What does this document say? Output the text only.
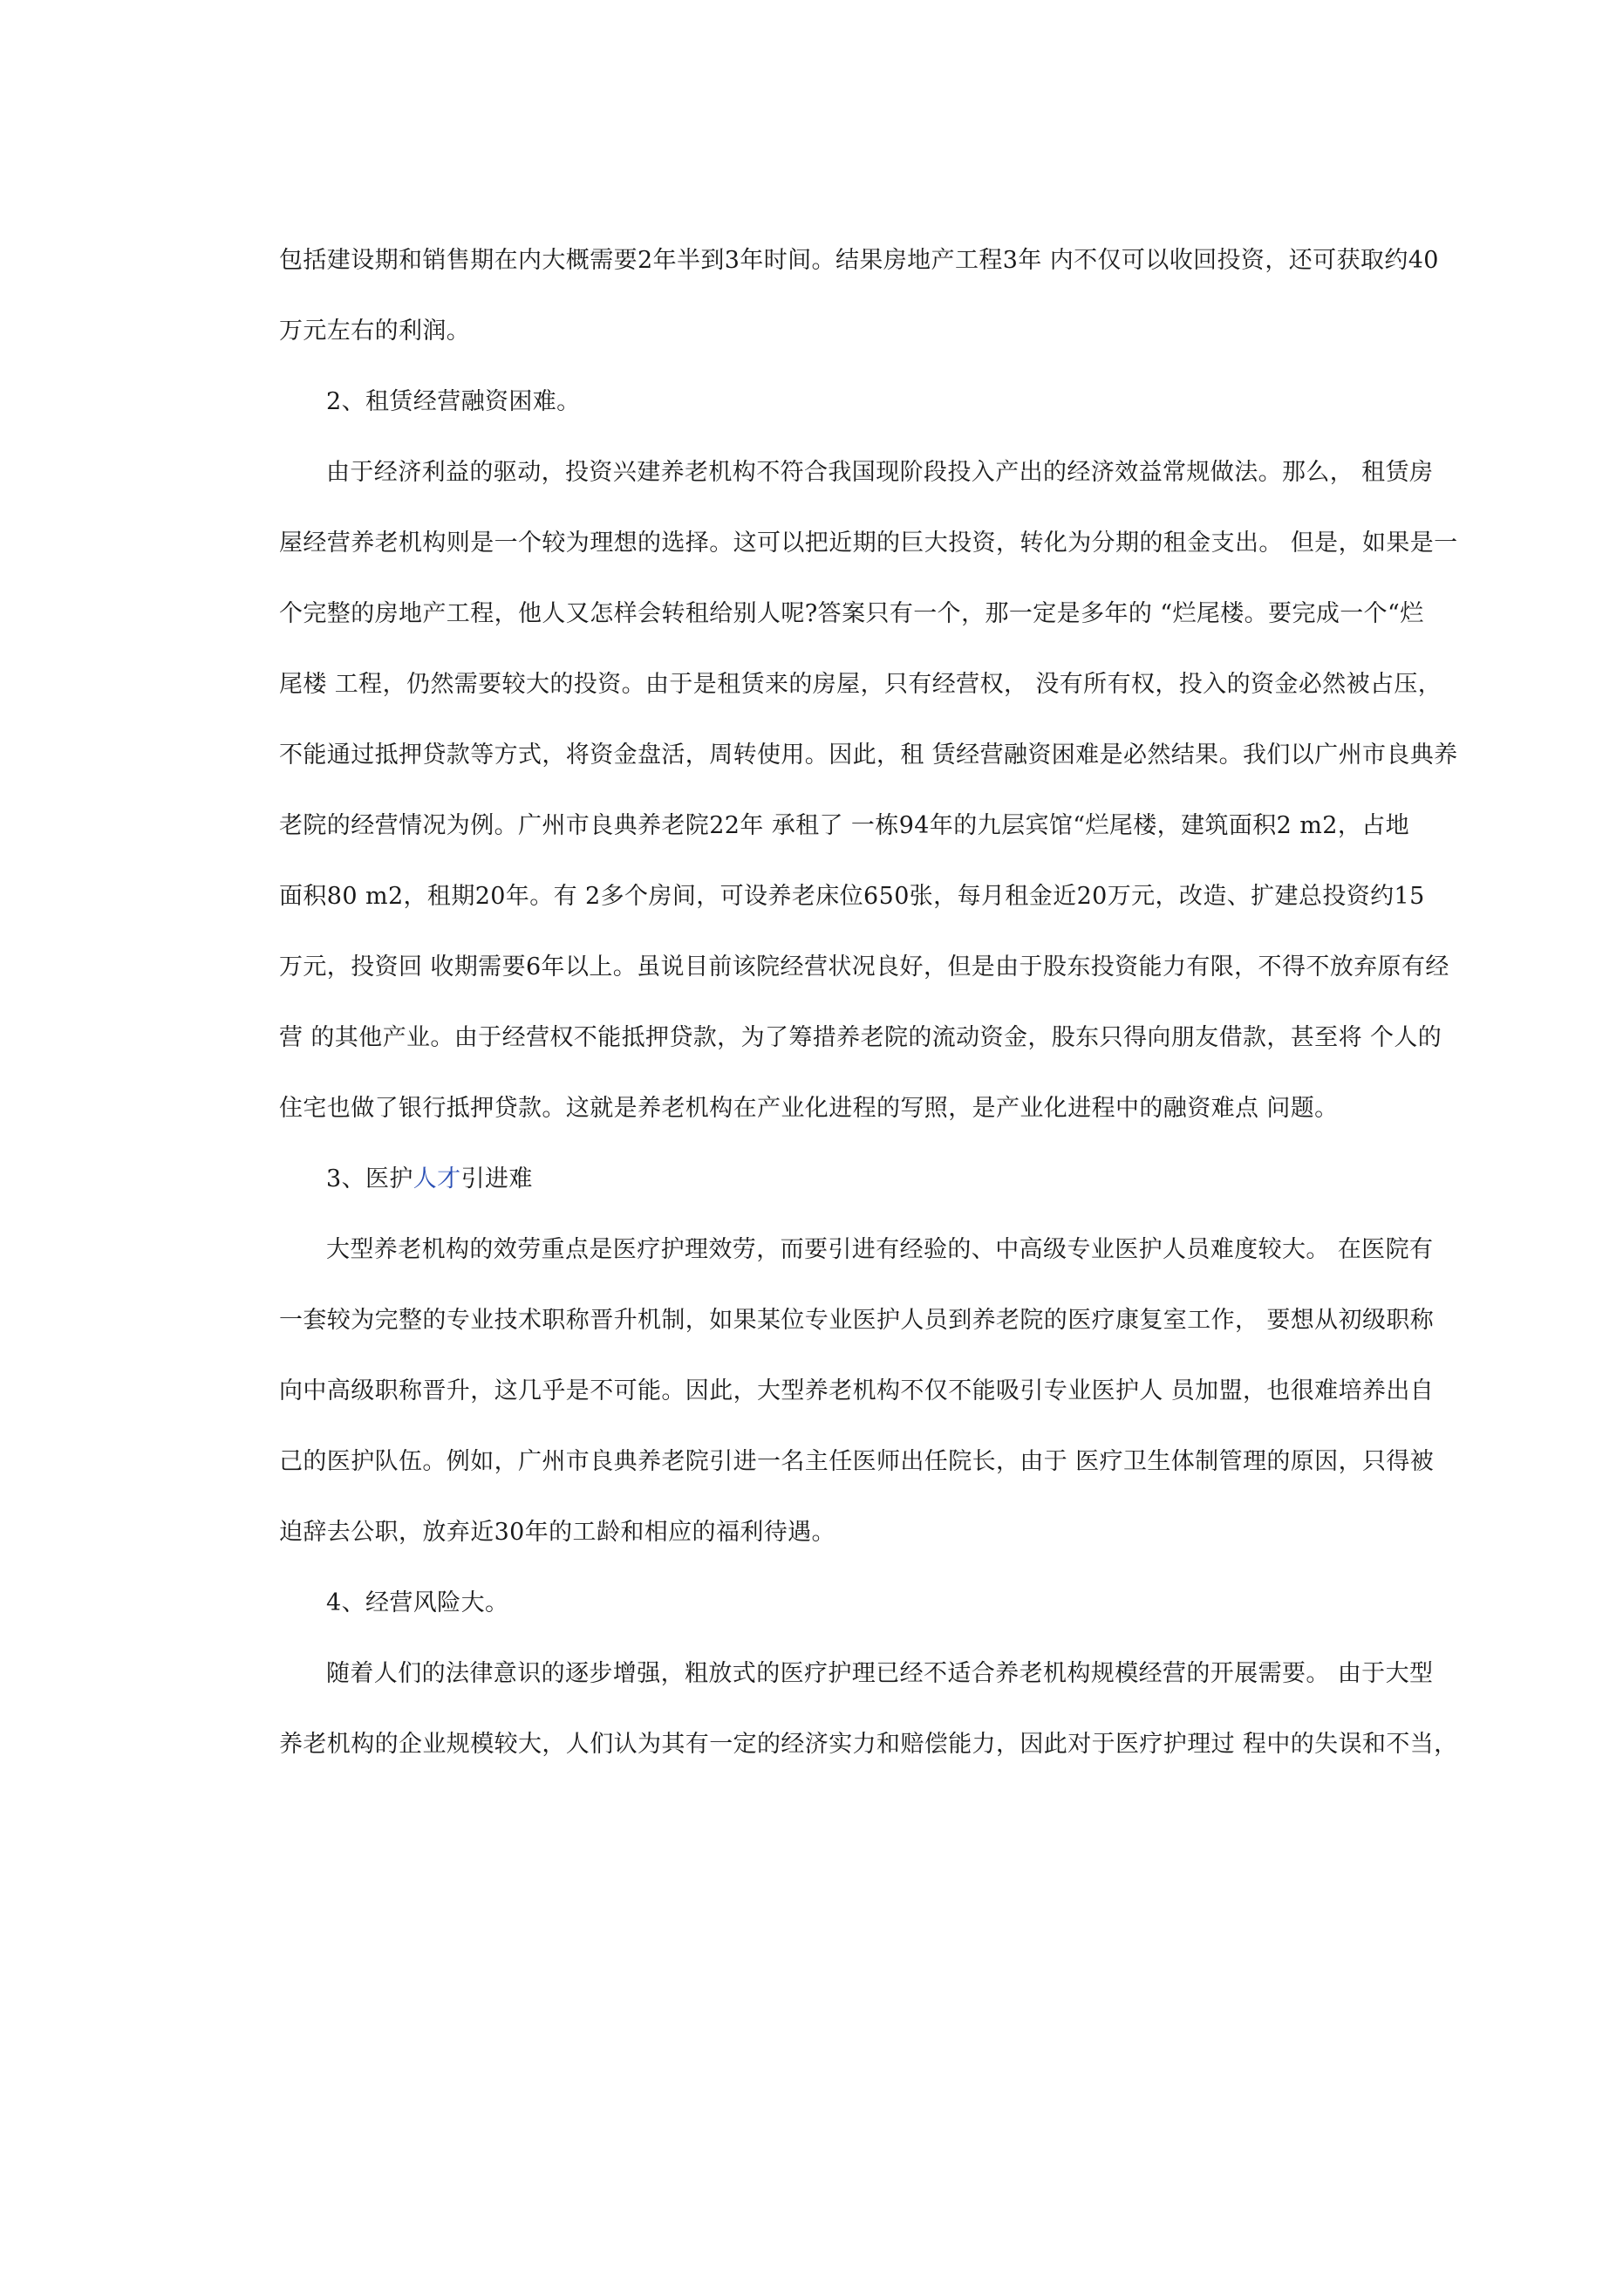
包括建设期和销售期在内大概需要2年半到3年时间。结果房地产工程3年 内不仅可以收回投资，还可获取约40
万元左右的利润。
2、租赁经营融资困难。
由于经济利益的驱动，投资兴建养老机构不符合我国现阶段投入产出的经济效益常规做法。那么， 租赁房
屋经营养老机构则是一个较为理想的选择。这可以把近期的巨大投资，转化为分期的租金支出。 但是，如果是一
个完整的房地产工程，他人又怎样会转租给别人呢?答案只有一个，那一定是多年的 “烂尾楼。要完成一个“烂
尾楼 工程，仍然需要较大的投资。由于是租赁来的房屋，只有经营权， 没有所有权，投入的资金必然被占压，
不能通过抵押贷款等方式，将资金盘活，周转使用。因此，租 赁经营融资困难是必然结果。我们以广州市良典养
老院的经营情况为例。广州市良典养老院22年 承租了 一栋94年的九层宾馆“烂尾楼，建筑面积2 m2，占地
面积80 m2，租期20年。有 2多个房间，可设养老床位650张，每月租金近20万元，改造、扩建总投资约15
万元，投资回 收期需要6年以上。虽说目前该院经营状况良好，但是由于股东投资能力有限，不得不放弃原有经
营 的其他产业。由于经营权不能抵押贷款，为了筹措养老院的流动资金，股东只得向朋友借款，甚至将 个人的
住宅也做了银行抵押贷款。这就是养老机构在产业化进程的写照，是产业化进程中的融资难点 问题。
3、医护人才引进难
大型养老机构的效劳重点是医疗护理效劳，而要引进有经验的、中高级专业医护人员难度较大。 在医院有
一套较为完整的专业技术职称晋升机制，如果某位专业医护人员到养老院的医疗康复室工作， 要想从初级职称
向中高级职称晋升，这几乎是不可能。因此，大型养老机构不仅不能吸引专业医护人 员加盟，也很难培养出自
己的医护队伍。例如，广州市良典养老院引进一名主任医师出任院长，由于 医疗卫生体制管理的原因，只得被
迫辞去公职，放弃近30年的工龄和相应的福利待遇。
4、经营风险大。
随着人们的法律意识的逐步增强，粗放式的医疗护理已经不适合养老机构规模经营的开展需要。 由于大型
养老机构的企业规模较大，人们认为其有一定的经济实力和赔偿能力，因此对于医疗护理过 程中的失误和不当，
